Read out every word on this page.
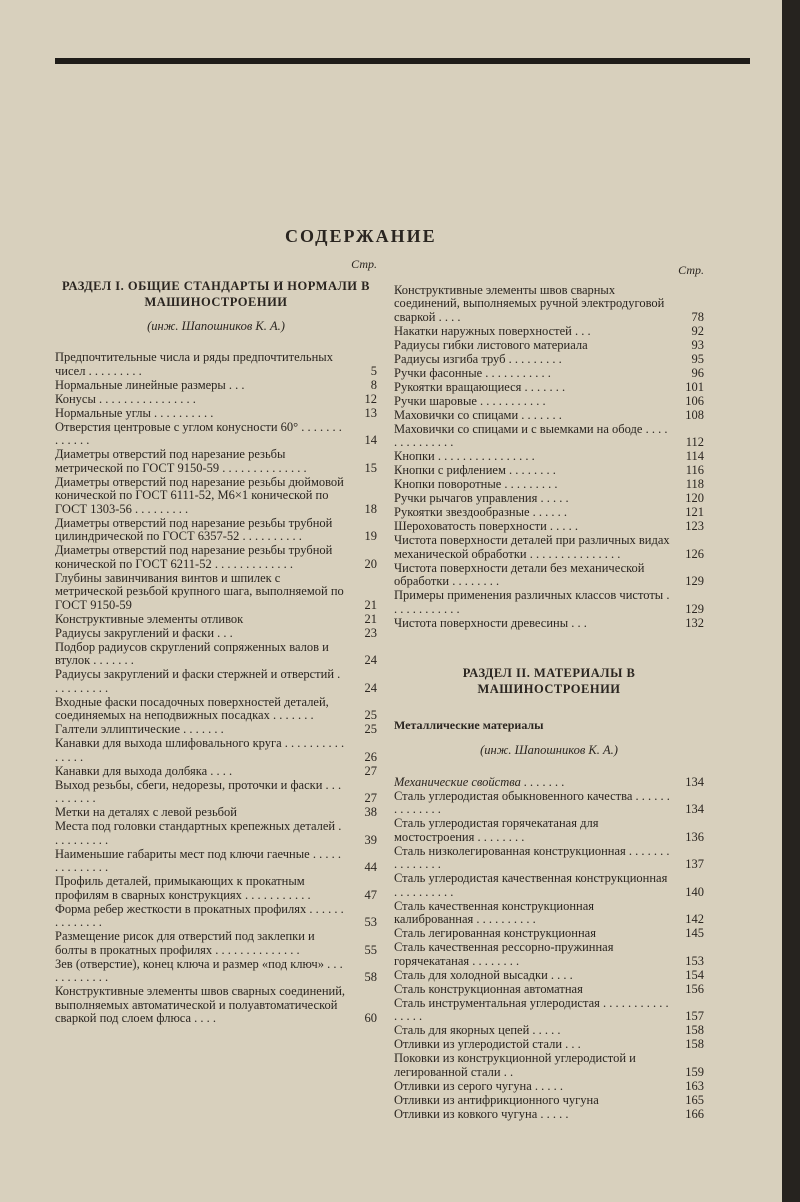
СОДЕРЖАНИЕ
Стр.
РАЗДЕЛ I. ОБЩИЕ СТАНДАРТЫ И НОРМАЛИ В МАШИНОСТРОЕНИИ
(инж. Шапошников К. А.)
Предпочтительные числа и ряды предпочтительных чисел . . . . . . . . .	5
Нормальные линейные размеры . . .	8
Конусы . . . . . . . . . . . . . . . .	12
Нормальные углы . . . . . . . . . .	13
Отверстия центровые с углом конусности 60° . . . . . . . . . . . . .	14
Диаметры отверстий под нарезание резьбы метрической по ГОСТ 9150-59 . . . . . . . . . . . . . .	15
Диаметры отверстий под нарезание резьбы дюймовой конической по ГОСТ 6111-52, М6×1 конической по ГОСТ 1303-56 . . . . . . . . .	18
Диаметры отверстий под нарезание резьбы трубной цилиндрической по ГОСТ 6357-52 . . . . . . . . . .	19
Диаметры отверстий под нарезание резьбы трубной конической по ГОСТ 6211-52 . . . . . . . . . . . . .	20
Глубины завинчивания винтов и шпилек с метрической резьбой крупного шага, выполняемой по ГОСТ 9150-59	21
Конструктивные элементы отливок	21
Радиусы закруглений и фаски . . .	23
Подбор радиусов скруглений сопряженных валов и втулок . . . . . . .	24
Радиусы закруглений и фаски стержней и отверстий . . . . . . . . . .	24
Входные фаски посадочных поверхностей деталей, соединяемых на неподвижных посадках . . . . . . .	25
Галтели эллиптические . . . . . . .	25
Канавки для выхода шлифовального круга . . . . . . . . . . . . . . .	26
Канавки для выхода долбяка . . . .	27
Выход резьбы, сбеги, недорезы, проточки и фаски . . . . . . . . . .	27
Метки на деталях с левой резьбой	38
Места под головки стандартных крепежных деталей . . . . . . . . . .	39
Наименьшие габариты мест под ключи гаечные . . . . . . . . . . . . . .	44
Профиль деталей, примыкающих к прокатным профилям в сварных конструкциях . . . . . . . . . . .	47
Форма ребер жесткости в прокатных профилях . . . . . . . . . . . . . .	53
Размещение рисок для отверстий под заклепки и болты в прокатных профилях . . . . . . . . . . . . . .	55
Зев (отверстие), конец ключа и размер «под ключ» . . . . . . . . . . . .	58
Конструктивные элементы швов сварных соединений, выполняемых автоматической и полуавтоматической сваркой под слоем флюса . . . .	60
Стр.
Конструктивные элементы швов сварных соединений, выполняемых ручной электродуговой сваркой . . . .	78
Накатки наружных поверхностей . . .	92
Радиусы гибки листового материала	93
Радиусы изгиба труб . . . . . . . . .	95
Ручки фасонные . . . . . . . . . . .	96
Рукоятки вращающиеся . . . . . . .	101
Ручки шаровые . . . . . . . . . . .	106
Маховички со спицами . . . . . . .	108
Маховички со спицами и с выемками на ободе . . . . . . . . . . . . . .	112
Кнопки . . . . . . . . . . . . . . . .	114
Кнопки с рифлением . . . . . . . .	116
Кнопки поворотные . . . . . . . . .	118
Ручки рычагов управления . . . . .	120
Рукоятки звездообразные . . . . . .	121
Шероховатость поверхности . . . . .	123
Чистота поверхности деталей при различных видах механической обработки . . . . . . . . . . . . . . .	126
Чистота поверхности детали без механической обработки . . . . . . . .	129
Примеры применения различных классов чистоты . . . . . . . . . . . .	129
Чистота поверхности древесины . . .	132
РАЗДЕЛ II. МАТЕРИАЛЫ В МАШИНОСТРОЕНИИ
Металлические материалы
(инж. Шапошников К. А.)
Механические свойства . . . . . . .	134
Сталь углеродистая обыкновенного качества . . . . . . . . . . . . . .	134
Сталь углеродистая горячекатаная для мостостроения . . . . . . . .	136
Сталь низколегированная конструкционная . . . . . . . . . . . . . . .	137
Сталь углеродистая качественная конструкционная . . . . . . . . . .	140
Сталь качественная конструкционная калиброванная . . . . . . . . . .	142
Сталь легированная конструкционная	145
Сталь качественная рессорно-пружинная горячекатаная . . . . . . . .	153
Сталь для холодной высадки . . . .	154
Сталь конструкционная автоматная	156
Сталь инструментальная углеродистая . . . . . . . . . . . . . . . .	157
Сталь для якорных цепей . . . . .	158
Отливки из углеродистой стали . . .	158
Поковки из конструкционной углеродистой и легированной стали . .	159
Отливки из серого чугуна . . . . .	163
Отливки из антифрикционного чугуна	165
Отливки из ковкого чугуна . . . . .	166
